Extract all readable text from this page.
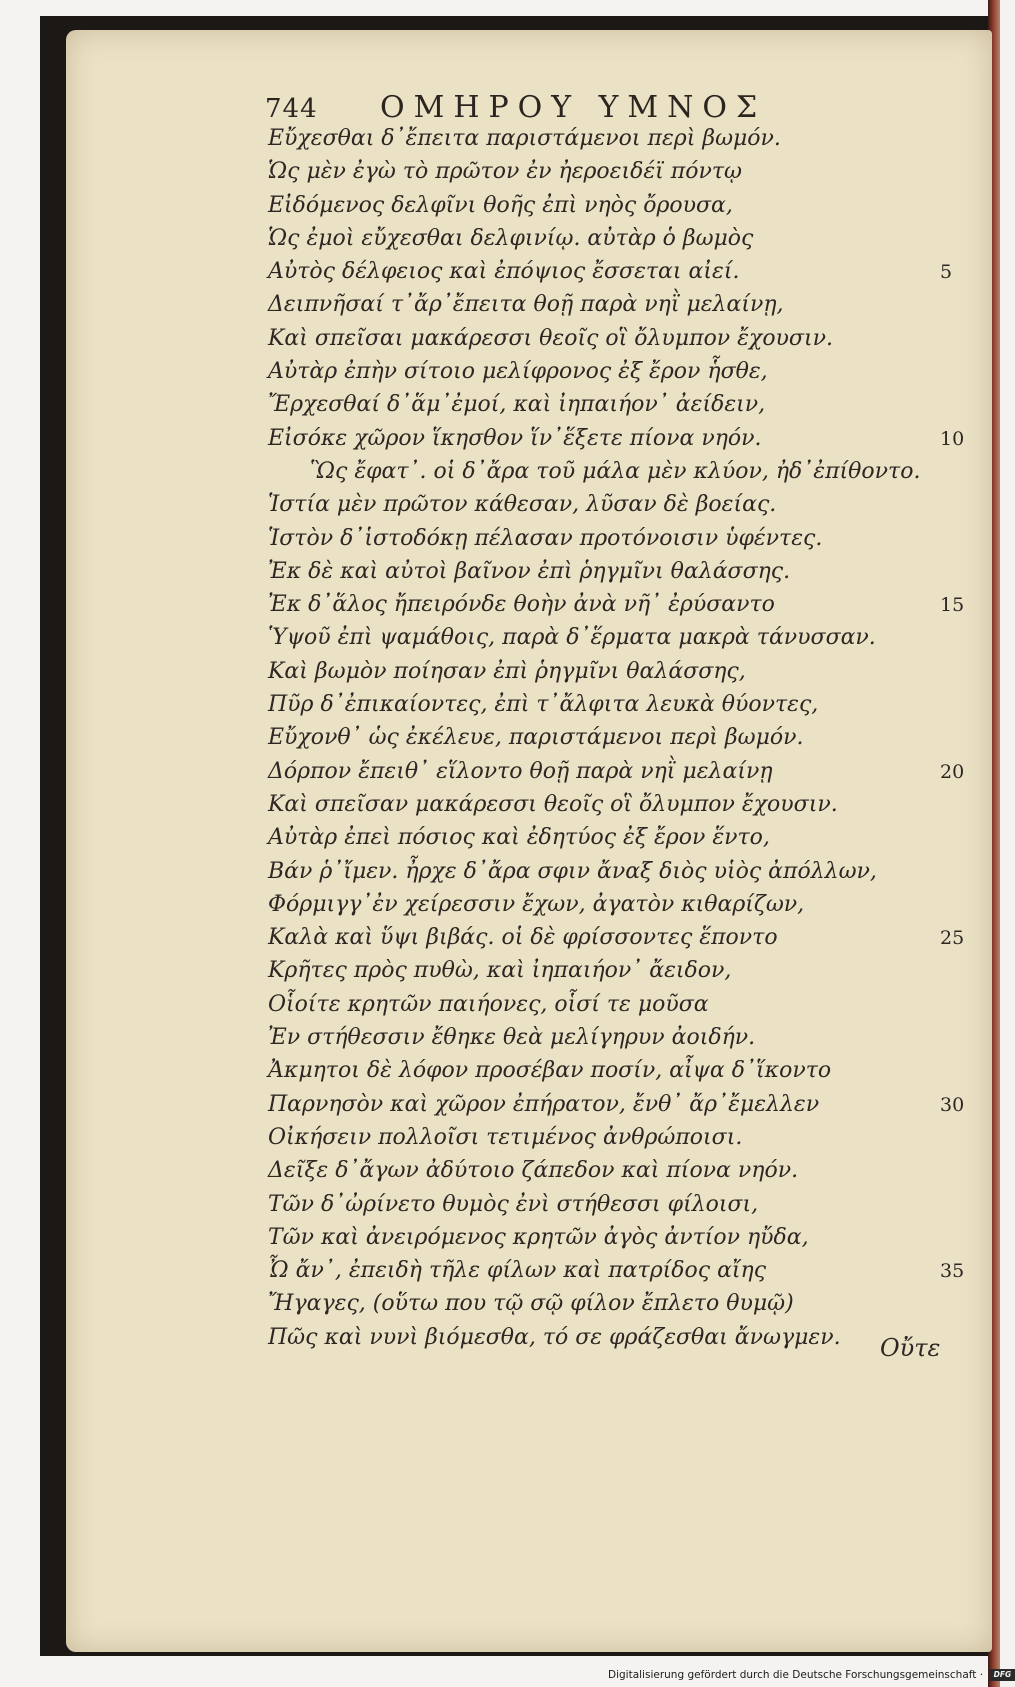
744 ΟΜΗΡΟΥ ΥΜΝΟΣ
Εὔχεσθαι δ᾽ἔπειτα παριστάμενοι περὶ βωμόν.
Ὡς μὲν ἐγὼ τὸ πρῶτον ἐν ἠεροειδέϊ πόντῳ
Εἰδόμενος δελφῖνι θοῆς ἐπὶ νηὸς ὄρουσα,
Ὡς ἐμοὶ εὔχεσθαι δελφινίῳ. αὐτὰρ ὁ βωμὸς
Αὐτὸς δέλφειος καὶ ἐπόψιος ἔσσεται αἰεί.
Δειπνῆσαί τ᾽ἄρ᾽ἔπειτα θοῇ παρὰ νηῒ μελαίνῃ,
Καὶ σπεῖσαι μακάρεσσι θεοῖς οἳ ὄλυμπον ἔχουσιν.
Αὐτὰρ ἐπὴν σίτοιο μελίφρονος ἐξ ἔρον ἧσθε,
Ἔρχεσθαί δ᾽ἅμ᾽ἐμοί, καὶ ἰηπαιήον᾽ ἀείδειν,
Εἰσόκε χῶρον ἵκησθον ἵν᾽ἕξετε πίονα νηόν.
Ὣς ἔφατ᾽. οἱ δ᾽ἄρα τοῦ μάλα μὲν κλύον, ἠδ᾽ἐπίθοντο.
Ἱστία μὲν πρῶτον κάθεσαν, λῦσαν δὲ βοείας.
Ἱστὸν δ᾽ἱστοδόκῃ πέλασαν προτόνοισιν ὑφέντες.
Ἐκ δὲ καὶ αὐτοὶ βαῖνον ἐπὶ ῥηγμῖνι θαλάσσης.
Ἐκ δ᾽ἅλος ἤπειρόνδε θοὴν ἀνὰ νῆ᾽ ἐρύσαντο
Ὑψοῦ ἐπὶ ψαμάθοις, παρὰ δ᾽ἕρματα μακρὰ τάνυσσαν.
Καὶ βωμὸν ποίησαν ἐπὶ ῥηγμῖνι θαλάσσης,
Πῦρ δ᾽ἐπικαίοντες, ἐπὶ τ᾽ἄλφιτα λευκὰ θύοντες,
Εὔχονθ᾽ ὡς ἐκέλευε, παριστάμενοι περὶ βωμόν.
Δόρπον ἔπειθ᾽ εἵλοντο θοῇ παρὰ νηῒ μελαίνῃ
Καὶ σπεῖσαν μακάρεσσι θεοῖς οἳ ὄλυμπον ἔχουσιν.
Αὐτὰρ ἐπεὶ πόσιος καὶ ἐδητύος ἐξ ἔρον ἕντο,
Βάν ῥ᾽ἴμεν. ἦρχε δ᾽ἄρα σφιν ἄναξ διὸς υἱὸς ἀπόλλων,
Φόρμιγγ᾽ἐν χείρεσσιν ἔχων, ἀγατὸν κιθαρίζων,
Καλὰ καὶ ὕψι βιβάς. οἱ δὲ φρίσσοντες ἕποντο
Κρῆτες πρὸς πυθὼ, καὶ ἰηπαιήον᾽ ἄειδον,
Οἷοίτε κρητῶν παιήονες, οἷσί τε μοῦσα
Ἐν στήθεσσιν ἔθηκε θεὰ μελίγηρυν ἀοιδήν.
Ἀκμητοι δὲ λόφον προσέβαν ποσίν, αἶψα δ᾽ἵκοντο
Παρνησὸν καὶ χῶρον ἐπήρατον, ἔνθ᾽ ἄρ᾽ἔμελλεν
Οἰκήσειν πολλοῖσι τετιμένος ἀνθρώποισι.
Δεῖξε δ᾽ἄγων ἀδύτοιο ζάπεδον καὶ πίονα νηόν.
Τῶν δ᾽ὠρίνετο θυμὸς ἐνὶ στήθεσσι φίλοισι,
Τῶν καὶ ἀνειρόμενος κρητῶν ἀγὸς ἀντίον ηὔδα,
Ὦ ἄν᾽, ἐπειδὴ τῆλε φίλων καὶ πατρίδος αἴης
Ἤγαγες, (οὕτω που τῷ σῷ φίλον ἔπλετο θυμῷ)
Πῶς καὶ νυνὶ βιόμεσθα, τό σε φράζεσθαι ἄνωγμεν.
5
10
15
20
25
30
35
Οὔτε
Digitalisierung gefördert durch die Deutsche Forschungsgemeinschaft · DFG
